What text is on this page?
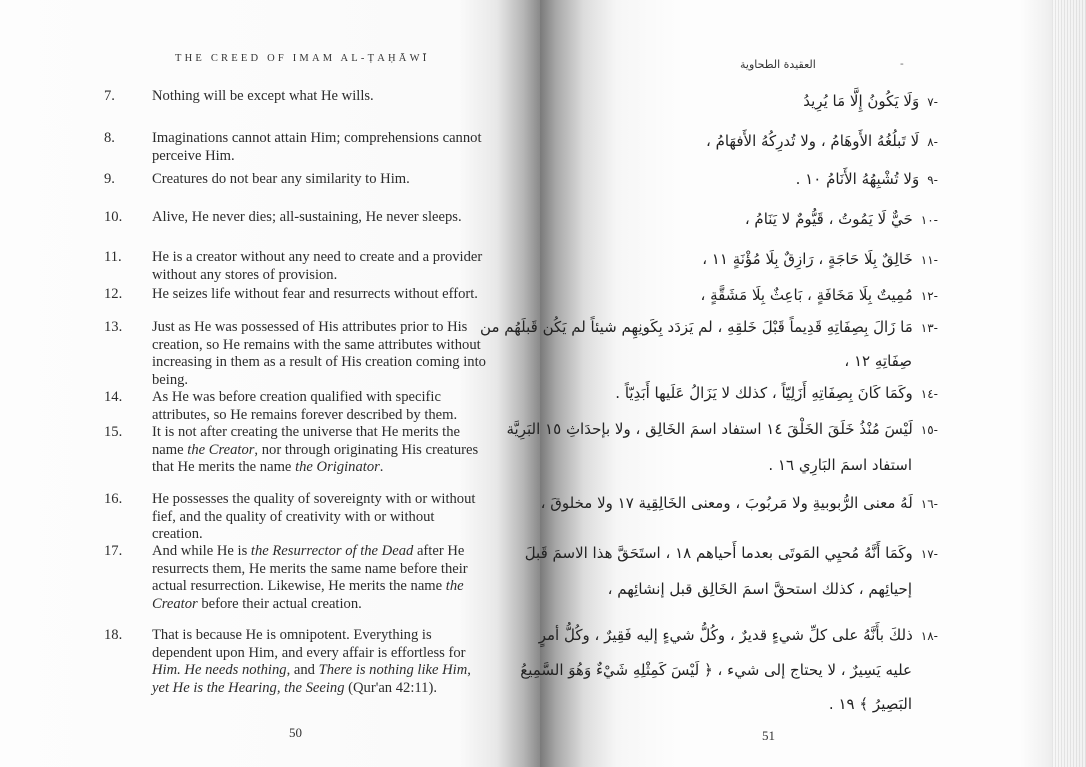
THE CREED OF IMAM AL-ṬAḤĀWĪ
7.	Nothing will be except what He wills.
8.	Imaginations cannot attain Him; comprehensions cannot perceive Him.
9.	Creatures do not bear any similarity to Him.
10.	Alive, He never dies; all-sustaining, He never sleeps.
11.	He is a creator without any need to create and a provider without any stores of provision.
12.	He seizes life without fear and resurrects without effort.
13.	Just as He was possessed of His attributes prior to His creation, so He remains with the same attributes without increasing in them as a result of His creation coming into being.
14.	As He was before creation qualified with specific attributes, so He remains forever described by them.
15.	It is not after creating the universe that He merits the name the Creator, nor through originating His creatures that He merits the name the Originator.
16.	He possesses the quality of sovereignty with or without fief, and the quality of creativity with or without creation.
17.	And while He is the Resurrector of the Dead after He resurrects them, He merits the same name before their actual resurrection. Likewise, He merits the name the Creator before their actual creation.
18.	That is because He is omnipotent. Everything is dependent upon Him, and every affair is effortless for Him. He needs nothing, and There is nothing like Him, yet He is the Hearing, the Seeing (Qur'an 42:11).
50
-
العقيدة الطحاوية
-٧وَلَا يَكُونُ إِلَّا مَا يُرِيدُ
-٨لَا تَبلُغُهُ الأَوهَامُ ، ولا تُدرِكُهُ الأَفهَامُ ،
-٩وَلا تُشْبِهُهُ الأَنَامُ ١٠ .
-١٠حَيٌّ لَا يَمُوتُ ، قَيُّومٌ لا يَنَامُ ،
-١١خَالِقٌ بِلَا حَاجَةٍ ، رَازِقٌ بِلَا مُؤْنَةٍ ١١ ،
-١٢مُمِيتٌ بِلَا مَخَافَةٍ ، بَاعِثٌ بِلَا مَشَقَّةٍ ،
-١٣مَا زَالَ بِصِفَاتِهِ قَدِيماً قَبْلَ خَلقِهِ ، لم يَزدَد بِكَونِهِم شيئاً لم يَكُن قَبلَهُم من
صِفَاتِهِ ١٢ ،
-١٤وكَمَا كَانَ بِصِفَاتِهِ أَزَلِيّاً ، كذلك لا يَزَالُ عَلَيها أَبَدِيّاً .
-١٥لَيْسَ مُنْذُ خَلَقَ الخَلْقَ ١٤ استفاد اسمَ الخَالِق ، ولا بإحدَاثِ ١٥ البَرِيَّة
استفاد اسمَ البَارِي ١٦ .
-١٦لَهُ معنى الرُّبوبيةِ ولا مَربُوبَ ، ومعنى الخَالِقِية ١٧ ولا مخلوقَ ،
-١٧وكَمَا أَنَّهُ مُحيِي المَوتَى بعدما أَحياهم ١٨ ، استَحَقَّ هذا الاسمَ قَبلَ
إحيائِهم ، كذلك استحقَّ اسمَ الخَالِق قبل إنشائِهم ،
-١٨ذلكَ بأَنَّهُ على كلِّ شيءٍ قديرٌ ، وكُلُّ شيءٍ إليه فَقِيرٌ ، وكُلُّ أمرٍ
عليه يَسِيرٌ ، لا يحتاج إلى شيء ، ﴿ لَيْسَ كَمِثْلِهِ شَيْءٌ وَهُوَ السَّمِيعُ
البَصِيرُ ﴾ ١٩ .
51
